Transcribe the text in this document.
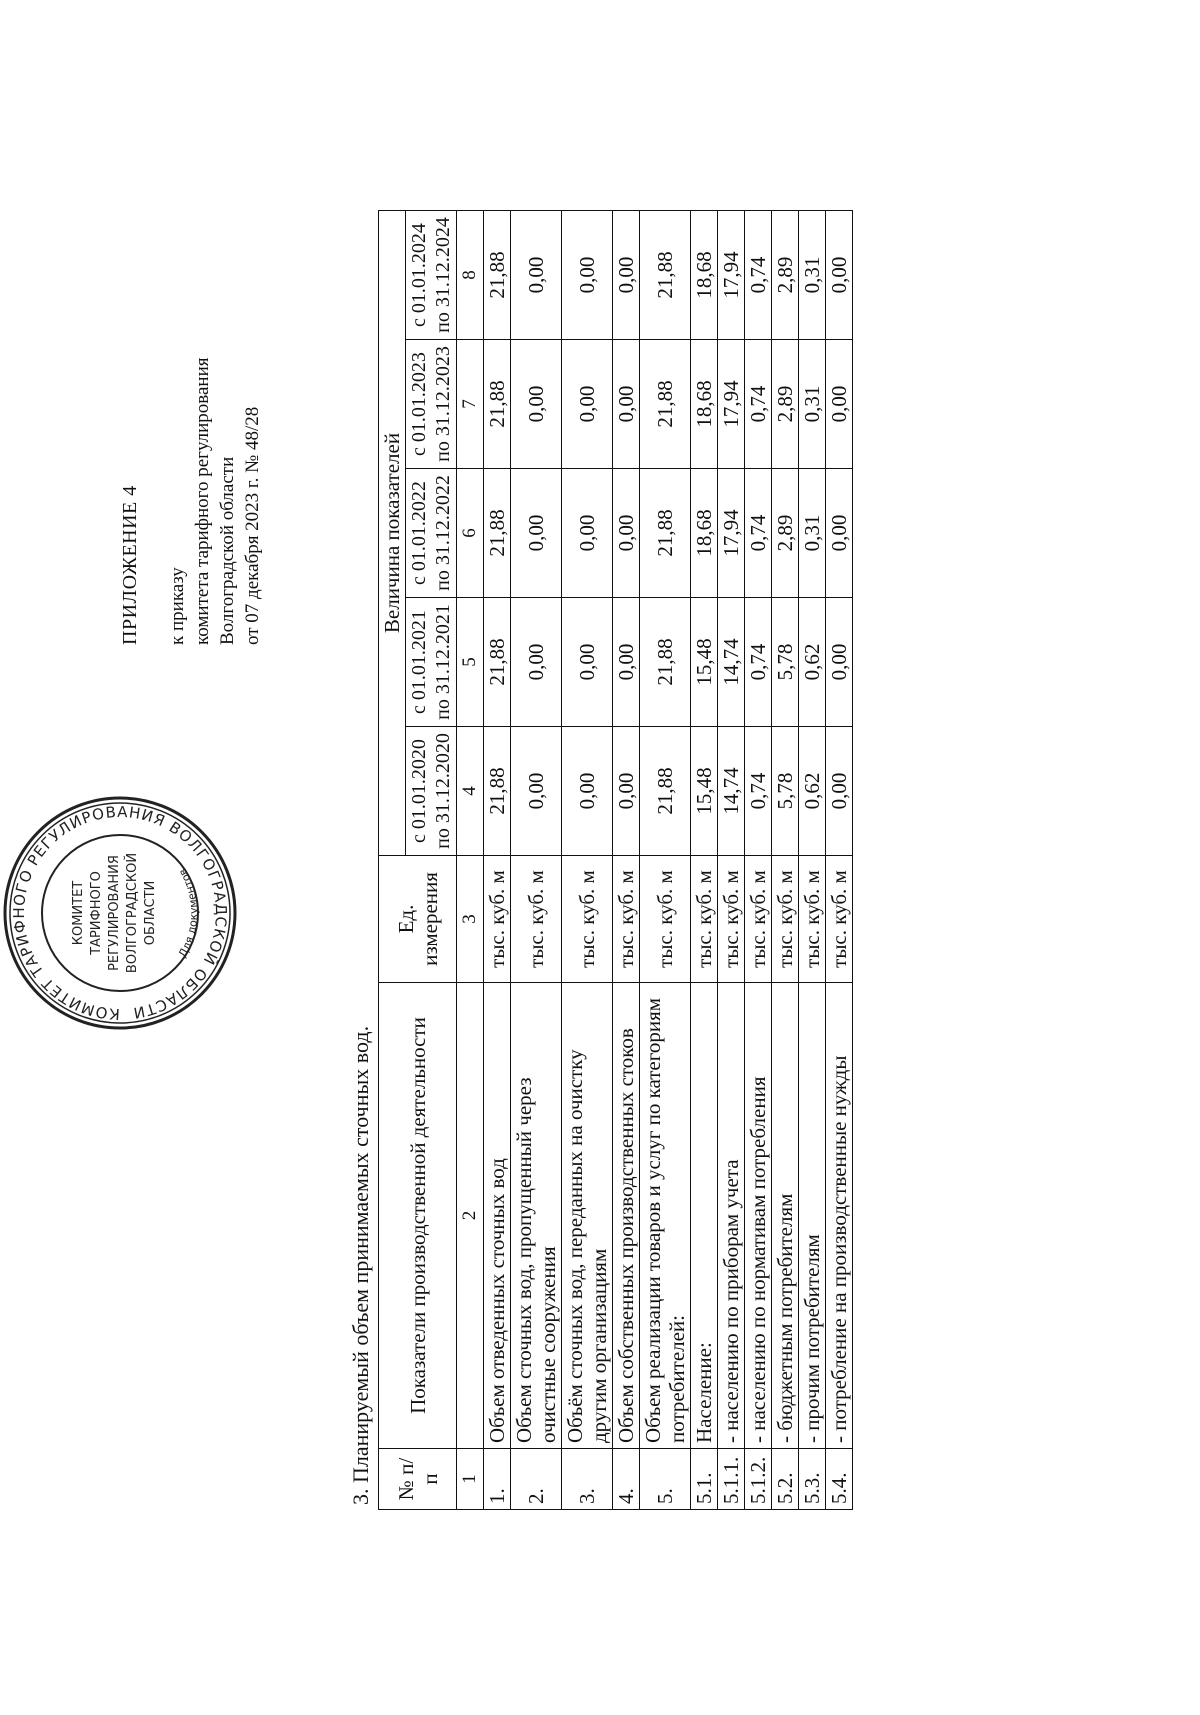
ПРИЛОЖЕНИЕ 4 к приказу комитета тарифного регулирования Волгоградской области от 07 декабря 2023 г. № 48/28
КОМИТЕТ ТАРИФНОГО РЕГУЛИРОВАНИЯ ВОЛГОГРАДСКОЙ ОБЛАСТИ
КОМИТЕТ ТАРИФНОГО РЕГУЛИРОВАНИЯ ВОЛГОГРАДСКОЙ ОБЛАСТИ
Для документов
3. Планируемый объем принимаемых сточных вод. № п/п	Показатели производственной деятельности	Ед. измерения	Величина показателей				
			с 01.01.2020 по 31.12.2020	с 01.01.2021 по 31.12.2021	с 01.01.2022 по 31.12.2022	с 01.01.2023 по 31.12.2023	с 01.01.2024 по 31.12.2024
1	2	3	4	5	6	7	8
1.	Объем отведенных сточных вод	тыс. куб. м	21,88	21,88	21,88	21,88	21,88
2.	Объем сточных вод, пропущенный через очистные сооружения	тыс. куб. м	0,00	0,00	0,00	0,00	0,00
3.	Объём сточных вод, переданных на очистку другим организациям	тыс. куб. м	0,00	0,00	0,00	0,00	0,00
4.	Объем собственных производственных стоков	тыс. куб. м	0,00	0,00	0,00	0,00	0,00
5.	Объем реализации товаров и услуг по категориям потребителей:	тыс. куб. м	21,88	21,88	21,88	21,88	21,88
5.1.	Население:	тыс. куб. м	15,48	15,48	18,68	18,68	18,68
5.1.1.	- населению по приборам учета	тыс. куб. м	14,74	14,74	17,94	17,94	17,94
5.1.2.	- населению по нормативам потребления	тыс. куб. м	0,74	0,74	0,74	0,74	0,74
5.2.	- бюджетным потребителям	тыс. куб. м	5,78	5,78	2,89	2,89	2,89
5.3.	- прочим потребителям	тыс. куб. м	0,62	0,62	0,31	0,31	0,31
5.4.	- потребление на производственные нужды	тыс. куб. м	0,00	0,00	0,00	0,00	0,00
